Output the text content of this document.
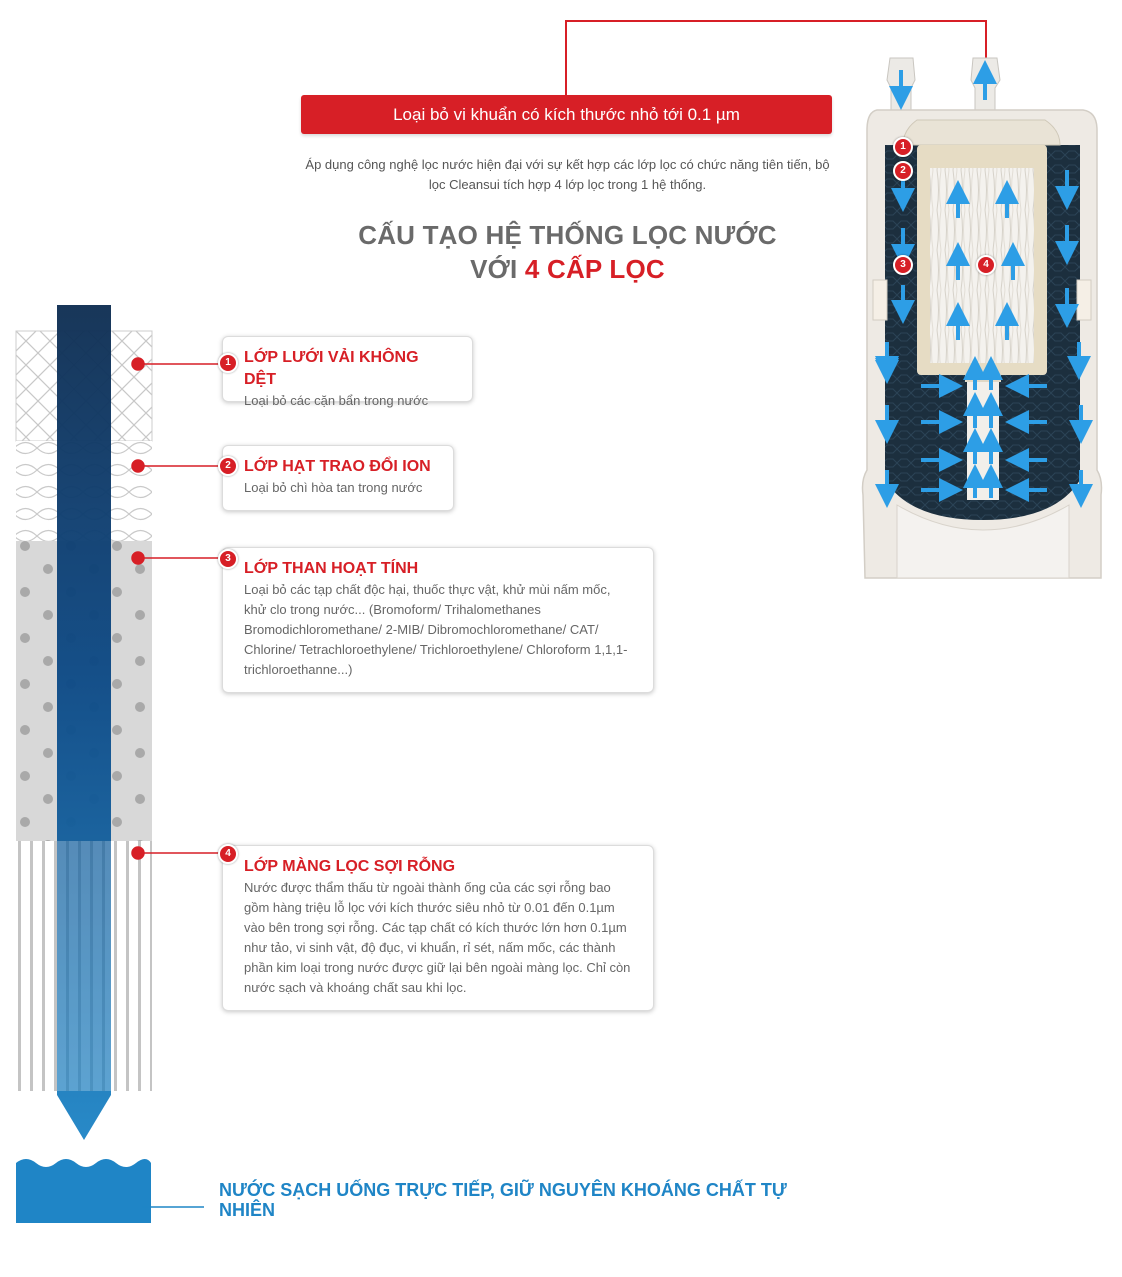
Loại bỏ vi khuẩn có kích thước nhỏ tới 0.1 µm
Áp dụng công nghệ lọc nước hiện đại với sự kết hợp các lớp lọc có chức năng tiên tiến, bộ lọc Cleansui tích hợp 4 lớp lọc trong 1 hệ thống.
CẤU TẠO HỆ THỐNG LỌC NƯỚC
VỚI 4 CẤP LỌC
1
2
3	4
LỚP LƯỚI VẢI KHÔNG DỆT
Loại bỏ các cặn bẩn trong nước
1
LỚP HẠT TRAO ĐỔI ION
Loại bỏ chì hòa tan trong nước
2
LỚP THAN HOẠT TÍNH
Loại bỏ các tạp chất độc hại, thuốc thực vật, khử mùi nấm mốc, khử clo trong nước... (Bromoform/ Trihalomethanes Bromodichloromethane/ 2-MIB/ Dibromochloromethane/ CAT/ Chlorine/ Tetrachloroethylene/ Trichloroethylene/ Chloroform 1,1,1-trichloroethanne...)
3
LỚP MÀNG LỌC SỢI RỖNG
Nước được thẩm thấu từ ngoài thành ống của các sợi rỗng bao gồm hàng triệu lỗ lọc với kích thước siêu nhỏ từ 0.01 đến 0.1µm vào bên trong sợi rỗng. Các tạp chất có kích thước lớn hơn 0.1µm như tảo, vi sinh vật, độ đục, vi khuẩn, rỉ sét, nấm mốc, các thành phần kim loại trong nước được giữ lại bên ngoài màng lọc. Chỉ còn nước sạch và khoáng chất sau khi lọc.
4
NƯỚC SẠCH UỐNG TRỰC TIẾP, GIỮ NGUYÊN KHOÁNG CHẤT TỰ NHIÊN
